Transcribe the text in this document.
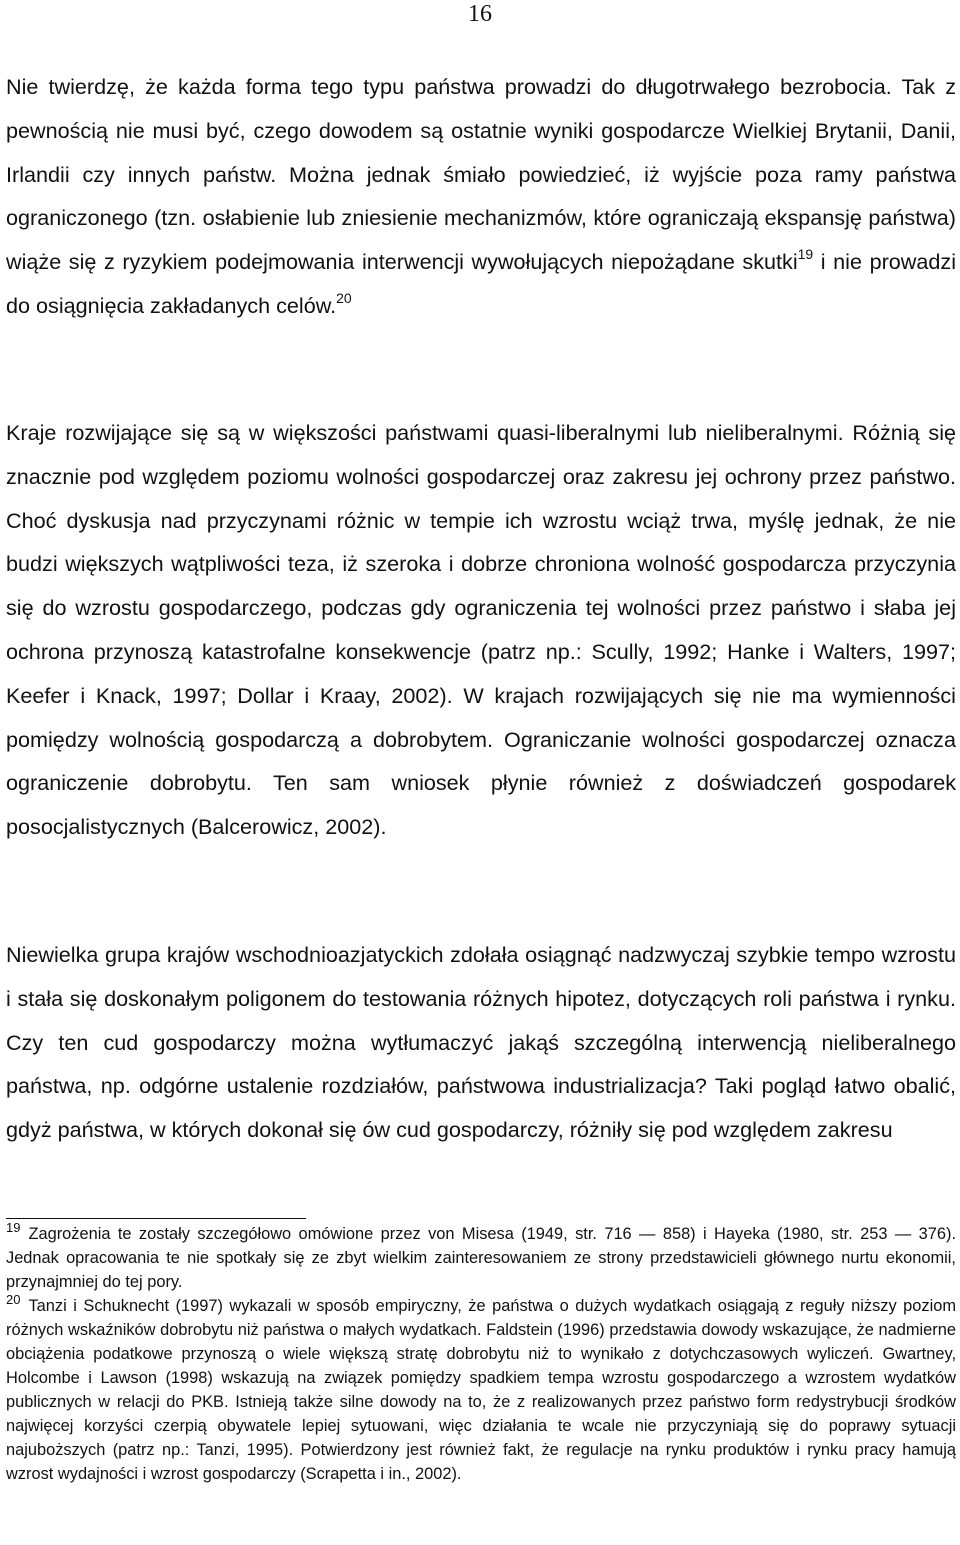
16

Nie twierdzę, że każda forma tego typu państwa prowadzi do długotrwałego bezrobocia. Tak z pewnością nie musi być, czego dowodem są ostatnie wyniki gospodarcze Wielkiej Brytanii, Danii, Irlandii czy innych państw. Można jednak śmiało powiedzieć, iż wyjście poza ramy państwa ograniczonego (tzn. osłabienie lub zniesienie mechanizmów, które ograniczają ekspansję państwa) wiąże się z ryzykiem podejmowania interwencji wywołujących niepożądane skutki$^{19}$ i nie prowadzi do osiągnięcia zakładanych celów.$^{20}$

Kraje rozwijające się są w większości państwami quasi-liberalnymi lub nieliberalnymi. Różnią się znacznie pod względem poziomu wolności gospodarczej oraz zakresu jej ochrony przez państwo. Choć dyskusja nad przyczynami różnic w tempie ich wzrostu wciąż trwa, myślę jednak, że nie budzi większych wątpliwości teza, iż szeroka i dobrze chroniona wolność gospodarcza przyczynia się do wzrostu gospodarczego, podczas gdy ograniczenia tej wolności przez państwo i słaba jej ochrona przynoszą katastrofalne konsekwencje (patrz np.: Scully, 1992; Hanke i Walters, 1997; Keefer i Knack, 1997; Dollar i Kraay, 2002). W krajach rozwijających się nie ma wymienności pomiędzy wolnością gospodarczą a dobrobytem. Ograniczanie wolności gospodarczej oznacza ograniczenie dobrobytu. Ten sam wniosek płynie również z doświadczeń gospodarek posocjalistycznych (Balcerowicz, 2002).

Niewielka grupa krajów wschodnioazjatyckich zdołała osiągnąć nadzwyczaj szybkie tempo wzrostu i stała się doskonałym poligonem do testowania różnych hipotez, dotyczących roli państwa i rynku. Czy ten cud gospodarczy można wytłumaczyć jakąś szczególną interwencją nieliberalnego państwa, np. odgórne ustalenie rozdziałów, państwowa industrializacja? Taki pogląd łatwo obalić, gdyż państwa, w których dokonał się ów cud gospodarczy, różniły się pod względem zakresu

$^{19}$ Zagrożenia te zostały szczegółowo omówione przez von Misesa (1949, str. 716 — 858) i Hayeka (1980, str. 253 — 376). Jednak opracowania te nie spotkały się ze zbyt wielkim zainteresowaniem ze strony przedstawicieli głównego nurtu ekonomii, przynajmniej do tej pory.

$^{20}$ Tanzi i Schuknecht (1997) wykazali w sposób empiryczny, że państwa o dużych wydatkach osiągają z reguły niższy poziom różnych wskaźników dobrobytu niż państwa o małych wydatkach. Faldstein (1996) przedstawia dowody wskazujące, że nadmierne obciążenia podatkowe przynoszą o wiele większą stratę dobrobytu niż to wynikało z dotychczasowych wyliczeń. Gwartney, Holcombe i Lawson (1998) wskazują na związek pomiędzy spadkiem tempa wzrostu gospodarczego a wzrostem wydatków publicznych w relacji do PKB. Istnieją także silne dowody na to, że z realizowanych przez państwo form redystrybucji środków najwięcej korzyści czerpią obywatele lepiej sytuowani, więc działania te wcale nie przyczyniają się do poprawy sytuacji najuboższych (patrz np.: Tanzi, 1995). Potwierdzony jest również fakt, że regulacje na rynku produktów i rynku pracy hamują wzrost wydajności i wzrost gospodarczy (Scrapetta i in., 2002).
